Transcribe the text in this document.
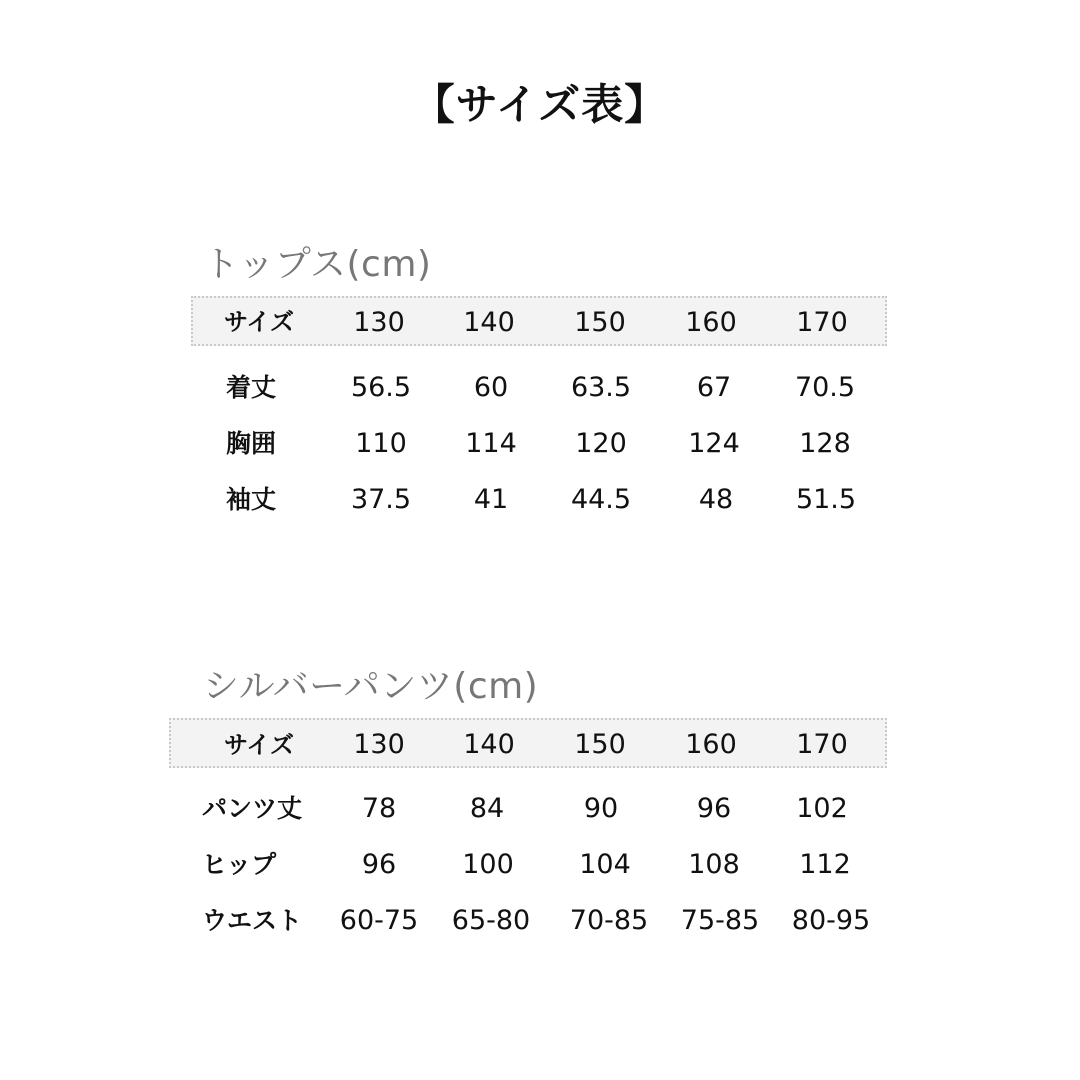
【サイズ表】
トップス(cm)
サイズ 130 140 150 160 170
着丈	56.5 60 63.5 67 70.5
胸囲	110 114 120 124 128
袖丈	37.5 41 44.5	48 51.5
シルバーパンツ(cm)
サイズ 130 140 150 160 170
パンツ丈 78	84	90	96 102
ヒップ	96 100 104 108 112
ウエスト 60-75 65-80 70-85 75-85 80-95
